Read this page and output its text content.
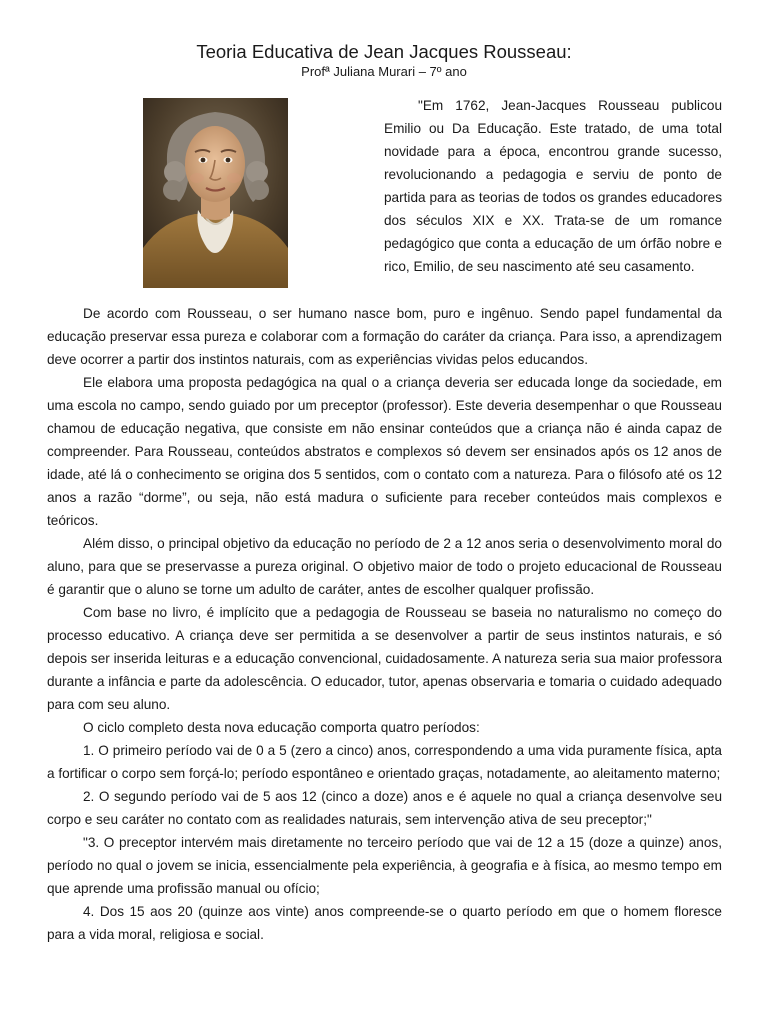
Teoria Educativa de Jean Jacques Rousseau:
Profª Juliana Murari – 7º ano

"Em 1762, Jean-Jacques Rousseau publicou Emilio ou Da Educação. Este tratado, de uma total novidade para a época, encontrou grande sucesso, revolucionando a pedagogia e serviu de ponto de partida para as teorias de todos os grandes educadores dos séculos XIX e XX. Trata-se de um romance pedagógico que conta a educação de um órfão nobre e rico, Emilio, de seu nascimento até seu casamento.

De acordo com Rousseau, o ser humano nasce bom, puro e ingênuo. Sendo papel fundamental da educação preservar essa pureza e colaborar com a formação do caráter da criança. Para isso, a aprendizagem deve ocorrer a partir dos instintos naturais, com as experiências vividas pelos educandos.

Ele elabora uma proposta pedagógica na qual o a criança deveria ser educada longe da sociedade, em uma escola no campo, sendo guiado por um preceptor (professor). Este deveria desempenhar o que Rousseau chamou de educação negativa, que consiste em não ensinar conteúdos que a criança não é ainda capaz de compreender. Para Rousseau, conteúdos abstratos e complexos só devem ser ensinados após os 12 anos de idade, até lá o conhecimento se origina dos 5 sentidos, com o contato com a natureza. Para o filósofo até os 12 anos a razão “dorme”, ou seja, não está madura o suficiente para receber conteúdos mais complexos e teóricos.

Além disso, o principal objetivo da educação no período de 2 a 12 anos seria o desenvolvimento moral do aluno, para que se preservasse a pureza original. O objetivo maior de todo o projeto educacional de Rousseau é garantir que o aluno se torne um adulto de caráter, antes de escolher qualquer profissão.

Com base no livro, é implícito que a pedagogia de Rousseau se baseia no naturalismo no começo do processo educativo. A criança deve ser permitida a se desenvolver a partir de seus instintos naturais, e só depois ser inserida leituras e a educação convencional, cuidadosamente. A natureza seria sua maior professora durante a infância e parte da adolescência. O educador, tutor, apenas observaria e tomaria o cuidado adequado para com seu aluno.

O ciclo completo desta nova educação comporta quatro períodos:

1. O primeiro período vai de 0 a 5 (zero a cinco) anos, correspondendo a uma vida puramente física, apta a fortificar o corpo sem forçá-lo; período espontâneo e orientado graças, notadamente, ao aleitamento materno;

2. O segundo período vai de 5 aos 12 (cinco a doze) anos e é aquele no qual a criança desenvolve seu corpo e seu caráter no contato com as realidades naturais, sem intervenção ativa de seu preceptor;"

"3. O preceptor intervém mais diretamente no terceiro período que vai de 12 a 15 (doze a quinze) anos, período no qual o jovem se inicia, essencialmente pela experiência, à geografia e à física, ao mesmo tempo em que aprende uma profissão manual ou ofício;

4. Dos 15 aos 20 (quinze aos vinte) anos compreende-se o quarto período em que o homem floresce para a vida moral, religiosa e social.
